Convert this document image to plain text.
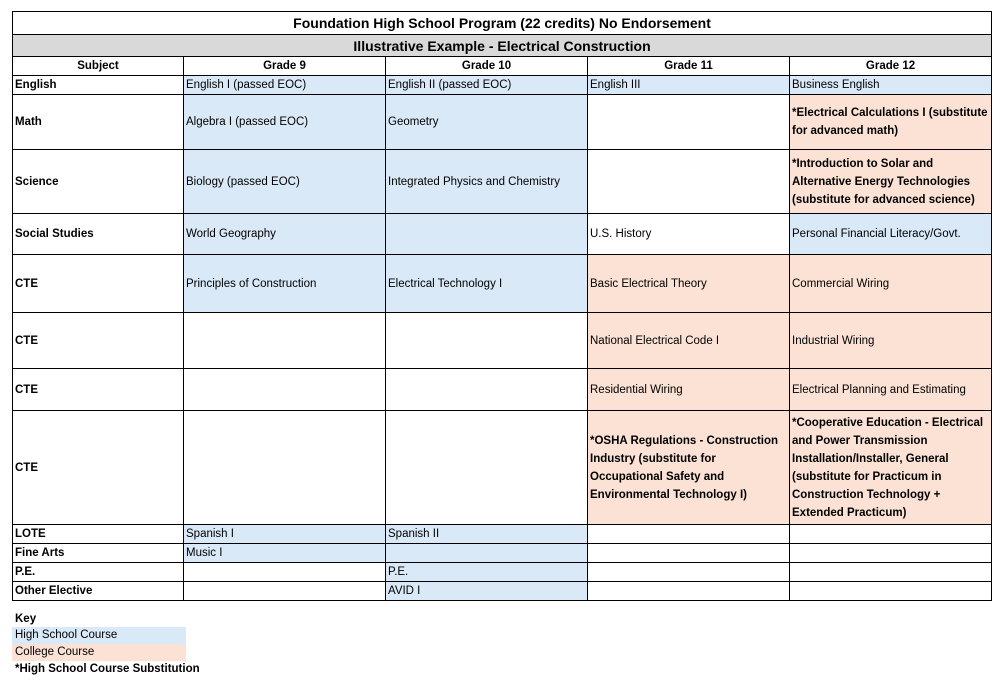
Foundation High School Program (22 credits) No Endorsement				
Illustrative Example - Electrical Construction				
Subject	Grade 9	Grade 10	Grade 11	Grade 12
English	English I (passed EOC)	English II (passed EOC)	English III	Business English
Math	Algebra I (passed EOC)	Geometry		*Electrical Calculations I (substitute for advanced math)
Science	Biology (passed EOC)	Integrated Physics and Chemistry		*Introduction to Solar and Alternative Energy Technologies (substitute for advanced science)
Social Studies	World Geography		U.S. History	Personal Financial Literacy/Govt.
CTE	Principles of Construction	Electrical Technology I	Basic Electrical Theory	Commercial Wiring
CTE			National Electrical Code I	Industrial Wiring
CTE			Residential Wiring	Electrical Planning and Estimating
CTE			*OSHA Regulations - Construction Industry (substitute for Occupational Safety and Environmental Technology I)	*Cooperative Education - Electrical and Power Transmission Installation/Installer, General (substitute for Practicum in Construction Technology + Extended Practicum)
LOTE	Spanish I	Spanish II		
Fine Arts	Music I			
P.E.		P.E.		
Other Elective		AVID I		
Key
High School Course
College Course
*High School Course Substitution
